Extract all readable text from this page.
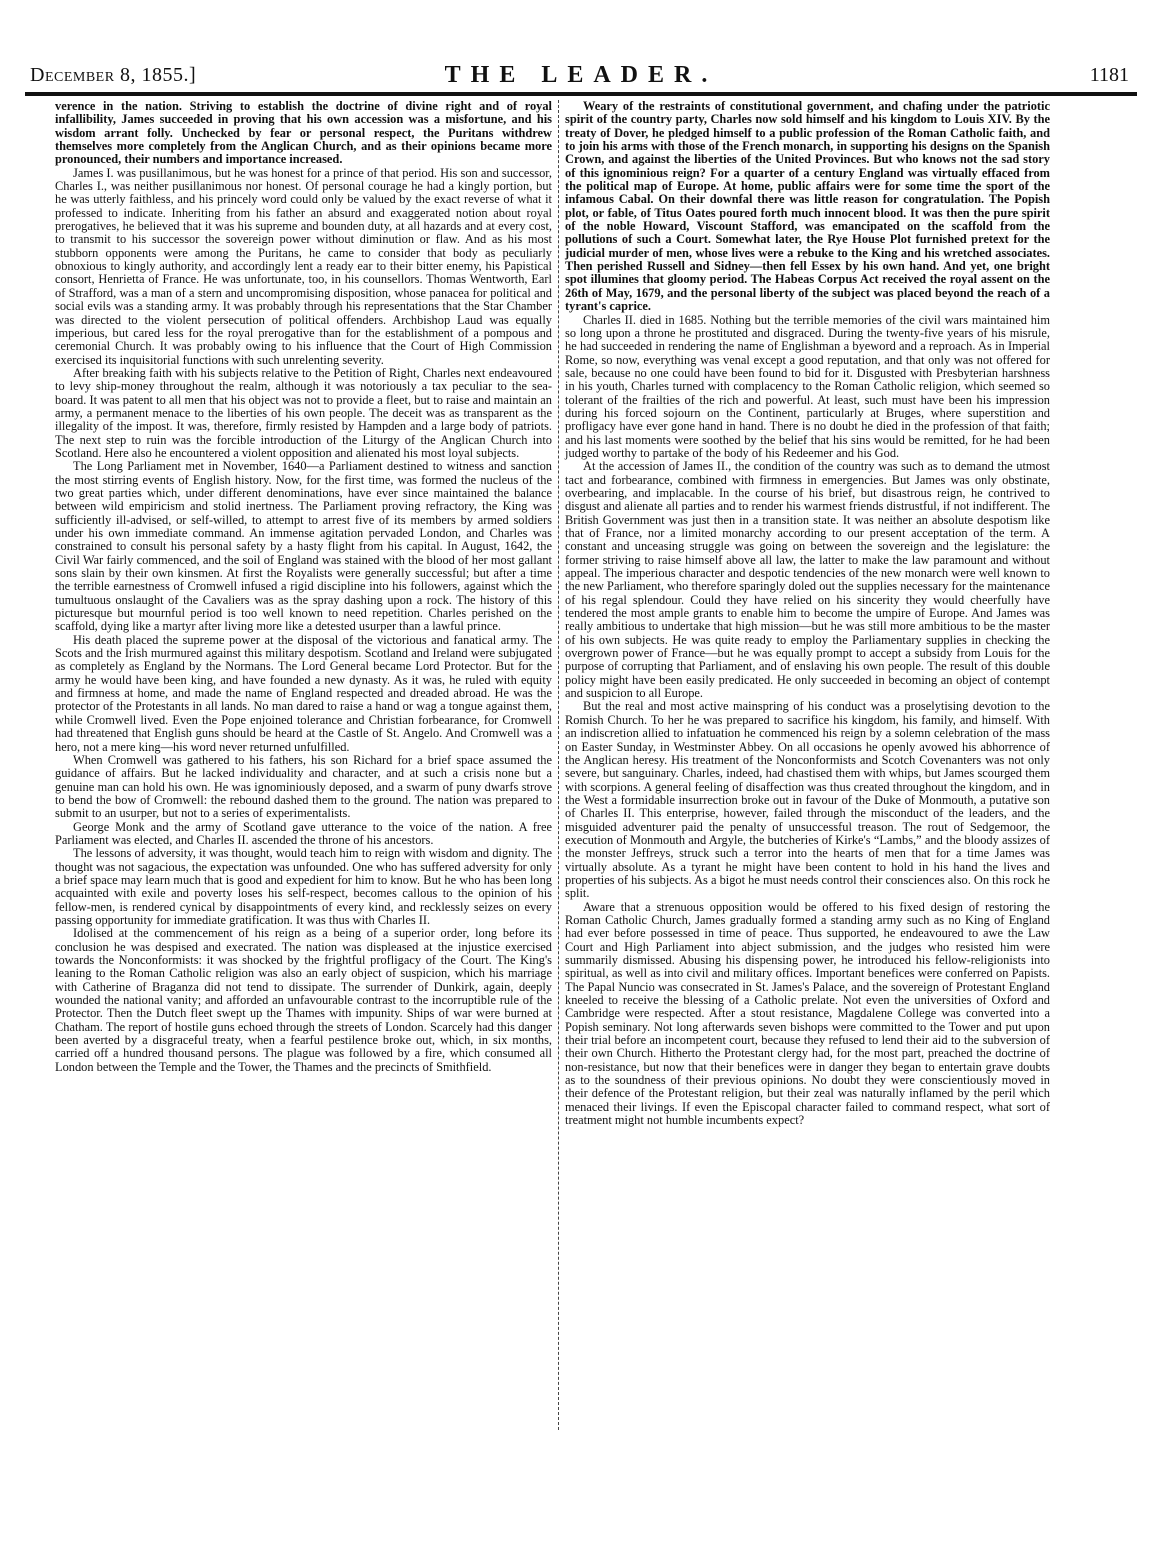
December 8, 1855.]	THE LEADER.	1181

verence in the nation. Striving to establish the doctrine of divine right and of royal infallibility, James succeeded in proving that his own accession was a misfortune, and his wisdom arrant folly. Unchecked by fear or personal respect, the Puritans withdrew themselves more completely from the Anglican Church, and as their opinions became more pronounced, their numbers and importance increased.

James I. was pusillanimous, but he was honest for a prince of that period. His son and successor, Charles I., was neither pusillanimous nor honest. Of personal courage he had a kingly portion, but he was utterly faithless, and his princely word could only be valued by the exact reverse of what it professed to indicate. Inheriting from his father an absurd and exaggerated notion about royal prerogatives, he believed that it was his supreme and bounden duty, at all hazards and at every cost, to transmit to his successor the sovereign power without diminution or flaw. And as his most stubborn opponents were among the Puritans, he came to consider that body as peculiarly obnoxious to kingly authority, and accordingly lent a ready ear to their bitter enemy, his Papistical consort, Henrietta of France. He was unfortunate, too, in his counsellors. Thomas Wentworth, Earl of Strafford, was a man of a stern and uncompromising disposition, whose panacea for political and social evils was a standing army. It was probably through his representations that the Star Chamber was directed to the violent persecution of political offenders. Archbishop Laud was equally imperious, but cared less for the royal prerogative than for the establishment of a pompous and ceremonial Church. It was probably owing to his influence that the Court of High Commission exercised its inquisitorial functions with such unrelenting severity.

After breaking faith with his subjects relative to the Petition of Right, Charles next endeavoured to levy ship-money throughout the realm, although it was notoriously a tax peculiar to the sea-board. It was patent to all men that his object was not to provide a fleet, but to raise and maintain an army, a permanent menace to the liberties of his own people. The deceit was as transparent as the illegality of the impost. It was, therefore, firmly resisted by Hampden and a large body of patriots. The next step to ruin was the forcible introduction of the Liturgy of the Anglican Church into Scotland. Here also he encountered a violent opposition and alienated his most loyal subjects.

The Long Parliament met in November, 1640—a Parliament destined to witness and sanction the most stirring events of English history. Now, for the first time, was formed the nucleus of the two great parties which, under different denominations, have ever since maintained the balance between wild empiricism and stolid inertness. The Parliament proving refractory, the King was sufficiently ill-advised, or self-willed, to attempt to arrest five of its members by armed soldiers under his own immediate command. An immense agitation pervaded London, and Charles was constrained to consult his personal safety by a hasty flight from his capital. In August, 1642, the Civil War fairly commenced, and the soil of England was stained with the blood of her most gallant sons slain by their own kinsmen. At first the Royalists were generally successful; but after a time the terrible earnestness of Cromwell infused a rigid discipline into his followers, against which the tumultuous onslaught of the Cavaliers was as the spray dashing upon a rock. The history of this picturesque but mournful period is too well known to need repetition. Charles perished on the scaffold, dying like a martyr after living more like a detested usurper than a lawful prince.

His death placed the supreme power at the disposal of the victorious and fanatical army. The Scots and the Irish murmured against this military despotism. Scotland and Ireland were subjugated as completely as England by the Normans. The Lord General became Lord Protector. But for the army he would have been king, and have founded a new dynasty. As it was, he ruled with equity and firmness at home, and made the name of England respected and dreaded abroad. He was the protector of the Protestants in all lands. No man dared to raise a hand or wag a tongue against them, while Cromwell lived. Even the Pope enjoined tolerance and Christian forbearance, for Cromwell had threatened that English guns should be heard at the Castle of St. Angelo. And Cromwell was a hero, not a mere king—his word never returned unfulfilled.

When Cromwell was gathered to his fathers, his son Richard for a brief space assumed the guidance of affairs. But he lacked individuality and character, and at such a crisis none but a genuine man can hold his own. He was ignominiously deposed, and a swarm of puny dwarfs strove to bend the bow of Cromwell: the rebound dashed them to the ground. The nation was prepared to submit to an usurper, but not to a series of experimentalists.

George Monk and the army of Scotland gave utterance to the voice of the nation. A free Parliament was elected, and Charles II. ascended the throne of his ancestors.

The lessons of adversity, it was thought, would teach him to reign with wisdom and dignity. The thought was not sagacious, the expectation was unfounded. One who has suffered adversity for only a brief space may learn much that is good and expedient for him to know. But he who has been long acquainted with exile and poverty loses his self-respect, becomes callous to the opinion of his fellow-men, is rendered cynical by disappointments of every kind, and recklessly seizes on every passing opportunity for immediate gratification. It was thus with Charles II.

Idolised at the commencement of his reign as a being of a superior order, long before its conclusion he was despised and execrated. The nation was displeased at the injustice exercised towards the Nonconformists: it was shocked by the frightful profligacy of the Court. The King's leaning to the Roman Catholic religion was also an early object of suspicion, which his marriage with Catherine of Braganza did not tend to dissipate. The surrender of Dunkirk, again, deeply wounded the national vanity; and afforded an unfavourable contrast to the incorruptible rule of the Protector. Then the Dutch fleet swept up the Thames with impunity. Ships of war were burned at Chatham. The report of hostile guns echoed through the streets of London. Scarcely had this danger been averted by a disgraceful treaty, when a fearful pestilence broke out, which, in six months, carried off a hundred thousand persons. The plague was followed by a fire, which consumed all London between the Temple and the Tower, the Thames and the precincts of Smithfield.

Weary of the restraints of constitutional government, and chafing under the patriotic spirit of the country party, Charles now sold himself and his kingdom to Louis XIV. By the treaty of Dover, he pledged himself to a public profession of the Roman Catholic faith, and to join his arms with those of the French monarch, in supporting his designs on the Spanish Crown, and against the liberties of the United Provinces. But who knows not the sad story of this ignominious reign? For a quarter of a century England was virtually effaced from the political map of Europe. At home, public affairs were for some time the sport of the infamous Cabal. On their downfal there was little reason for congratulation. The Popish plot, or fable, of Titus Oates poured forth much innocent blood. It was then the pure spirit of the noble Howard, Viscount Stafford, was emancipated on the scaffold from the pollutions of such a Court. Somewhat later, the Rye House Plot furnished pretext for the judicial murder of men, whose lives were a rebuke to the King and his wretched associates. Then perished Russell and Sidney—then fell Essex by his own hand. And yet, one bright spot illumines that gloomy period. The Habeas Corpus Act received the royal assent on the 26th of May, 1679, and the personal liberty of the subject was placed beyond the reach of a tyrant's caprice.

Charles II. died in 1685. Nothing but the terrible memories of the civil wars maintained him so long upon a throne he prostituted and disgraced. During the twenty-five years of his misrule, he had succeeded in rendering the name of Englishman a byeword and a reproach. As in Imperial Rome, so now, everything was venal except a good reputation, and that only was not offered for sale, because no one could have been found to bid for it. Disgusted with Presbyterian harshness in his youth, Charles turned with complacency to the Roman Catholic religion, which seemed so tolerant of the frailties of the rich and powerful. At least, such must have been his impression during his forced sojourn on the Continent, particularly at Bruges, where superstition and profligacy have ever gone hand in hand. There is no doubt he died in the profession of that faith; and his last moments were soothed by the belief that his sins would be remitted, for he had been judged worthy to partake of the body of his Redeemer and his God.

At the accession of James II., the condition of the country was such as to demand the utmost tact and forbearance, combined with firmness in emergencies. But James was only obstinate, overbearing, and implacable. In the course of his brief, but disastrous reign, he contrived to disgust and alienate all parties and to render his warmest friends distrustful, if not indifferent. The British Government was just then in a transition state. It was neither an absolute despotism like that of France, nor a limited monarchy according to our present acceptation of the term. A constant and unceasing struggle was going on between the sovereign and the legislature: the former striving to raise himself above all law, the latter to make the law paramount and without appeal. The imperious character and despotic tendencies of the new monarch were well known to the new Parliament, who therefore sparingly doled out the supplies necessary for the maintenance of his regal splendour. Could they have relied on his sincerity they would cheerfully have tendered the most ample grants to enable him to become the umpire of Europe. And James was really ambitious to undertake that high mission—but he was still more ambitious to be the master of his own subjects. He was quite ready to employ the Parliamentary supplies in checking the overgrown power of France—but he was equally prompt to accept a subsidy from Louis for the purpose of corrupting that Parliament, and of enslaving his own people. The result of this double policy might have been easily predicated. He only succeeded in becoming an object of contempt and suspicion to all Europe.

But the real and most active mainspring of his conduct was a proselytising devotion to the Romish Church. To her he was prepared to sacrifice his kingdom, his family, and himself. With an indiscretion allied to infatuation he commenced his reign by a solemn celebration of the mass on Easter Sunday, in Westminster Abbey. On all occasions he openly avowed his abhorrence of the Anglican heresy. His treatment of the Nonconformists and Scotch Covenanters was not only severe, but sanguinary. Charles, indeed, had chastised them with whips, but James scourged them with scorpions. A general feeling of disaffection was thus created throughout the kingdom, and in the West a formidable insurrection broke out in favour of the Duke of Monmouth, a putative son of Charles II. This enterprise, however, failed through the misconduct of the leaders, and the misguided adventurer paid the penalty of unsuccessful treason. The rout of Sedgemoor, the execution of Monmouth and Argyle, the butcheries of Kirke's “Lambs,” and the bloody assizes of the monster Jeffreys, struck such a terror into the hearts of men that for a time James was virtually absolute. As a tyrant he might have been content to hold in his hand the lives and properties of his subjects. As a bigot he must needs control their consciences also. On this rock he split.

Aware that a strenuous opposition would be offered to his fixed design of restoring the Roman Catholic Church, James gradually formed a standing army such as no King of England had ever before possessed in time of peace. Thus supported, he endeavoured to awe the Law Court and High Parliament into abject submission, and the judges who resisted him were summarily dismissed. Abusing his dispensing power, he introduced his fellow-religionists into spiritual, as well as into civil and military offices. Important benefices were conferred on Papists. The Papal Nuncio was consecrated in St. James's Palace, and the sovereign of Protestant England kneeled to receive the blessing of a Catholic prelate. Not even the universities of Oxford and Cambridge were respected. After a stout resistance, Magdalene College was converted into a Popish seminary. Not long afterwards seven bishops were committed to the Tower and put upon their trial before an incompetent court, because they refused to lend their aid to the subversion of their own Church. Hitherto the Protestant clergy had, for the most part, preached the doctrine of non-resistance, but now that their benefices were in danger they began to entertain grave doubts as to the soundness of their previous opinions. No doubt they were conscientiously moved in their defence of the Protestant religion, but their zeal was naturally inflamed by the peril which menaced their livings. If even the Episcopal character failed to command respect, what sort of treatment might not humble incumbents expect?
